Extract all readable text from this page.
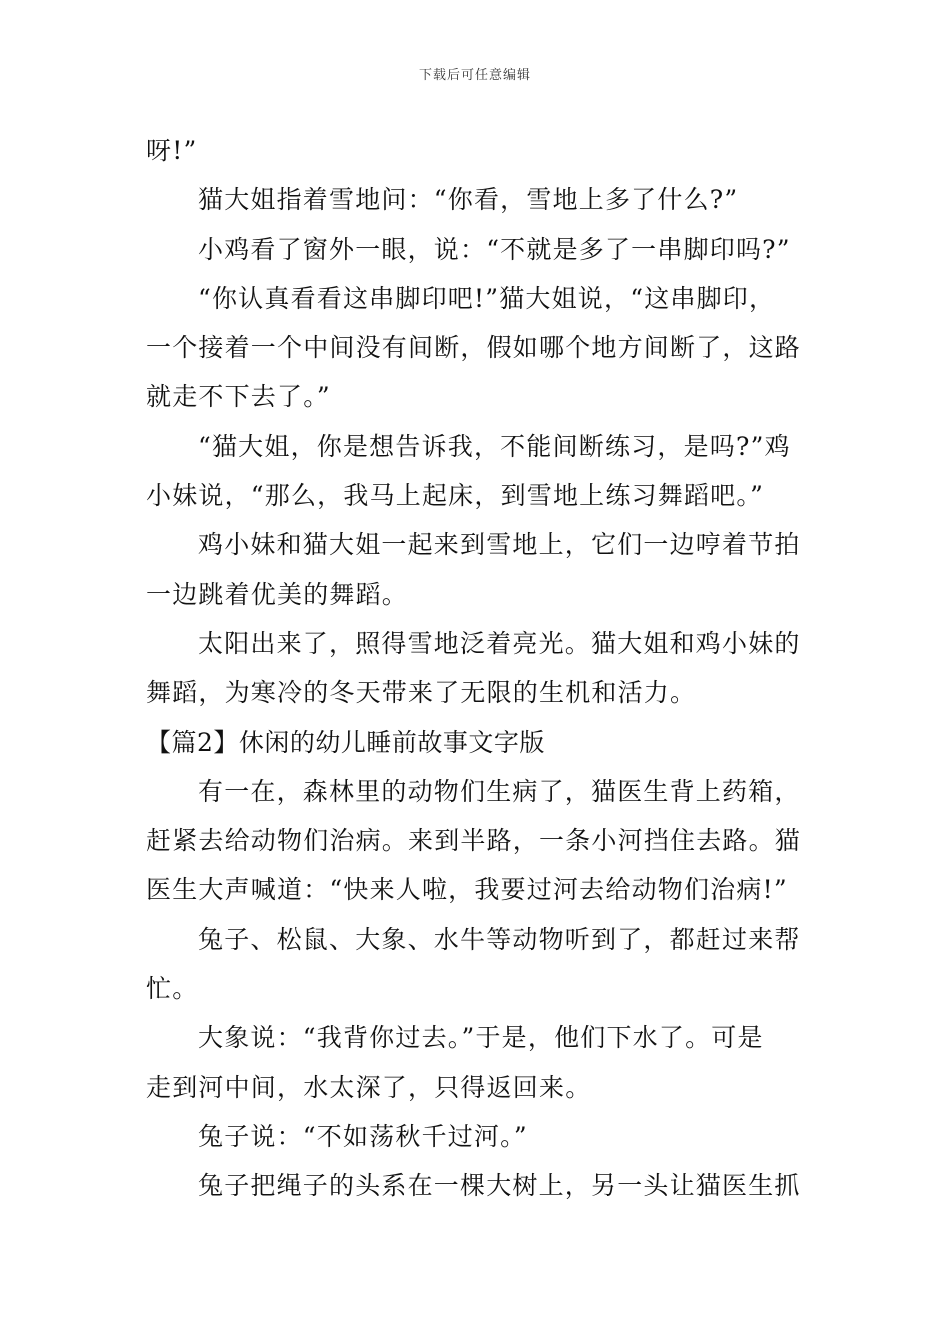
下载后可任意编辑

呀!”

猫大姐指着雪地问：“你看，雪地上多了什么?”

小鸡看了窗外一眼，说：“不就是多了一串脚印吗?”

“你认真看看这串脚印吧!”猫大姐说，“这串脚印，

一个接着一个中间没有间断，假如哪个地方间断了，这路

就走不下去了。”

“猫大姐，你是想告诉我，不能间断练习，是吗?”鸡

小妹说，“那么，我马上起床，到雪地上练习舞蹈吧。”

鸡小妹和猫大姐一起来到雪地上，它们一边哼着节拍

一边跳着优美的舞蹈。

太阳出来了，照得雪地泛着亮光。猫大姐和鸡小妹的

舞蹈，为寒冷的冬天带来了无限的生机和活力。

【篇2】休闲的幼儿睡前故事文字版

有一在，森林里的动物们生病了，猫医生背上药箱，

赶紧去给动物们治病。来到半路，一条小河挡住去路。猫

医生大声喊道：“快来人啦，我要过河去给动物们治病!”

兔子、松鼠、大象、水牛等动物听到了，都赶过来帮

忙。

大象说：“我背你过去。”于是，他们下水了。可是

走到河中间，水太深了，只得返回来。

兔子说：“不如荡秋千过河。”

兔子把绳子的头系在一棵大树上，另一头让猫医生抓
